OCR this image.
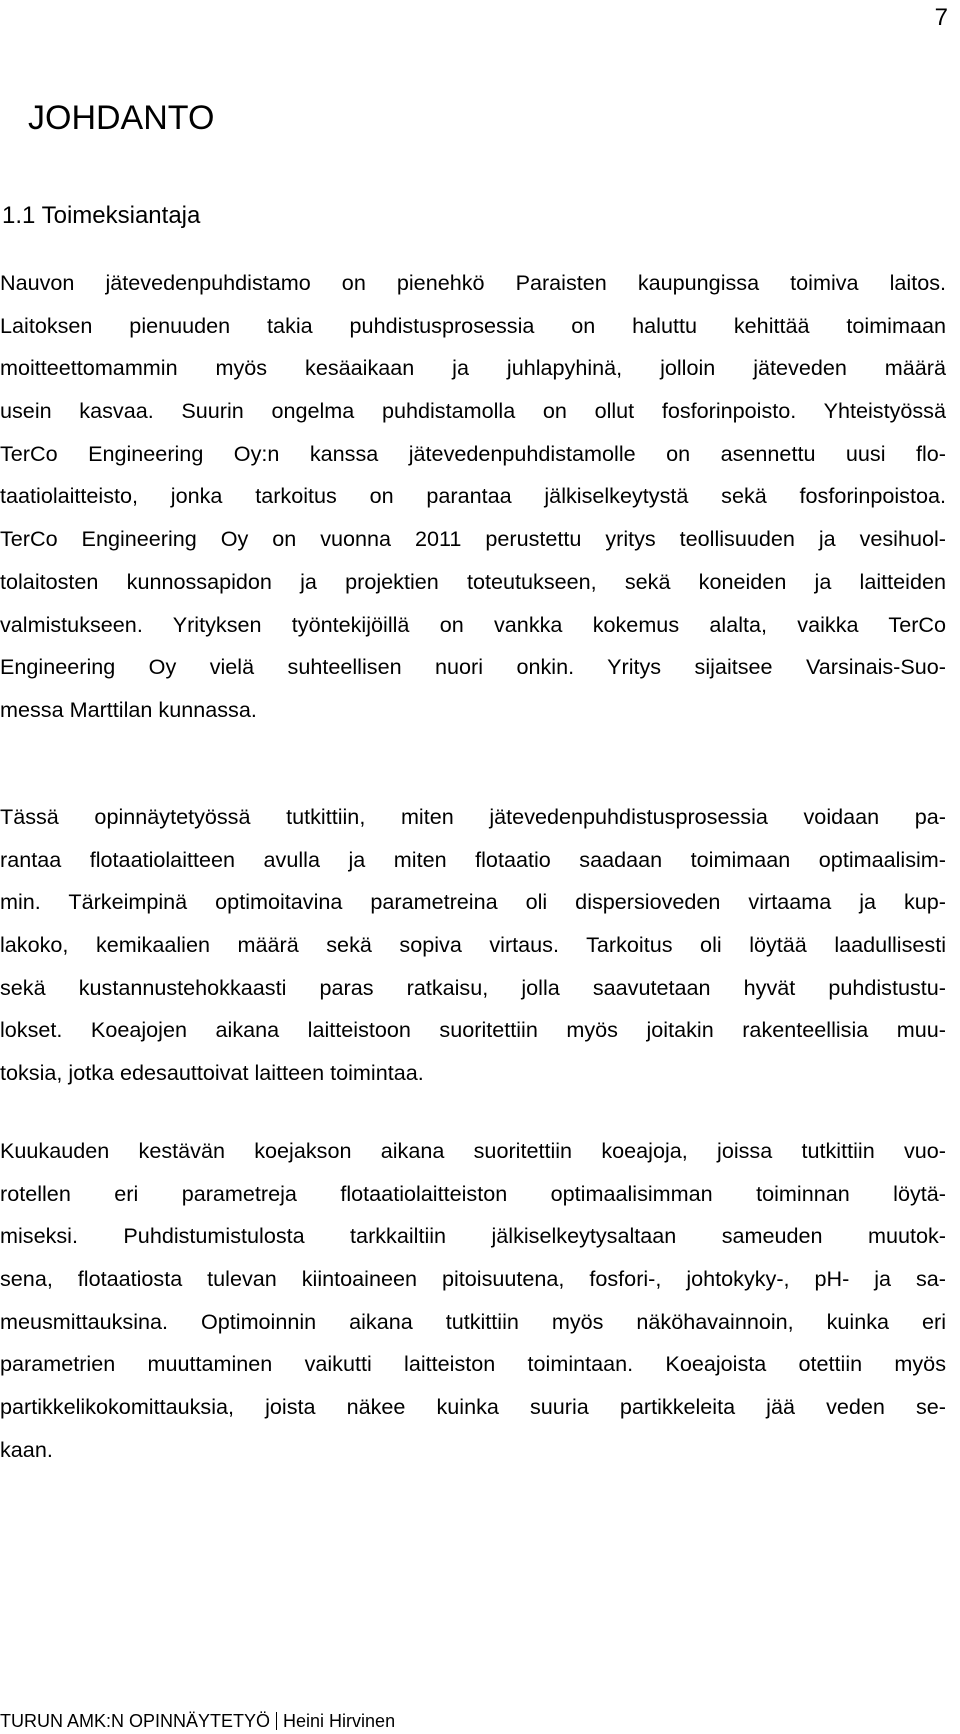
7
JOHDANTO
1.1 Toimeksiantaja
Nauvon jätevedenpuhdistamo on pienehkö Paraisten kaupungissa toimiva laitos.
Laitoksen pienuuden takia puhdistusprosessia on haluttu kehittää toimimaan
moitteettomammin myös kesäaikaan ja juhlapyhinä, jolloin jäteveden määrä
usein kasvaa. Suurin ongelma puhdistamolla on ollut fosforinpoisto. Yhteistyössä
TerCo Engineering Oy:n kanssa jätevedenpuhdistamolle on asennettu uusi flo-
taatiolaitteisto, jonka tarkoitus on parantaa jälkiselkeytystä sekä fosforinpoistoa.
TerCo Engineering Oy on vuonna 2011 perustettu yritys teollisuuden ja vesihuol-
tolaitosten kunnossapidon ja projektien toteutukseen, sekä koneiden ja laitteiden
valmistukseen. Yrityksen työntekijöillä on vankka kokemus alalta, vaikka TerCo
Engineering Oy vielä suhteellisen nuori onkin. Yritys sijaitsee Varsinais-Suo-
messa Marttilan kunnassa.
Tässä opinnäytetyössä tutkittiin, miten jätevedenpuhdistusprosessia voidaan pa-
rantaa flotaatiolaitteen avulla ja miten flotaatio saadaan toimimaan optimaalisim-
min. Tärkeimpinä optimoitavina parametreina oli dispersioveden virtaama ja kup-
lakoko, kemikaalien määrä sekä sopiva virtaus. Tarkoitus oli löytää laadullisesti
sekä kustannustehokkaasti paras ratkaisu, jolla saavutetaan hyvät puhdistustu-
lokset. Koeajojen aikana laitteistoon suoritettiin myös joitakin rakenteellisia muu-
toksia, jotka edesauttoivat laitteen toimintaa.
Kuukauden kestävän koejakson aikana suoritettiin koeajoja, joissa tutkittiin vuo-
rotellen eri parametreja flotaatiolaitteiston optimaalisimman toiminnan löytä-
miseksi. Puhdistumistulosta tarkkailtiin jälkiselkeytysaltaan sameuden muutok-
sena, flotaatiosta tulevan kiintoaineen pitoisuutena, fosfori-, johtokyky-, pH- ja sa-
meusmittauksina. Optimoinnin aikana tutkittiin myös näköhavainnoin, kuinka eri
parametrien muuttaminen vaikutti laitteiston toimintaan. Koeajoista otettiin myös
partikkelikokomittauksia, joista näkee kuinka suuria partikkeleita jää veden se-
kaan.
TURUN AMK:N OPINNÄYTETYÖ Heini Hirvinen
